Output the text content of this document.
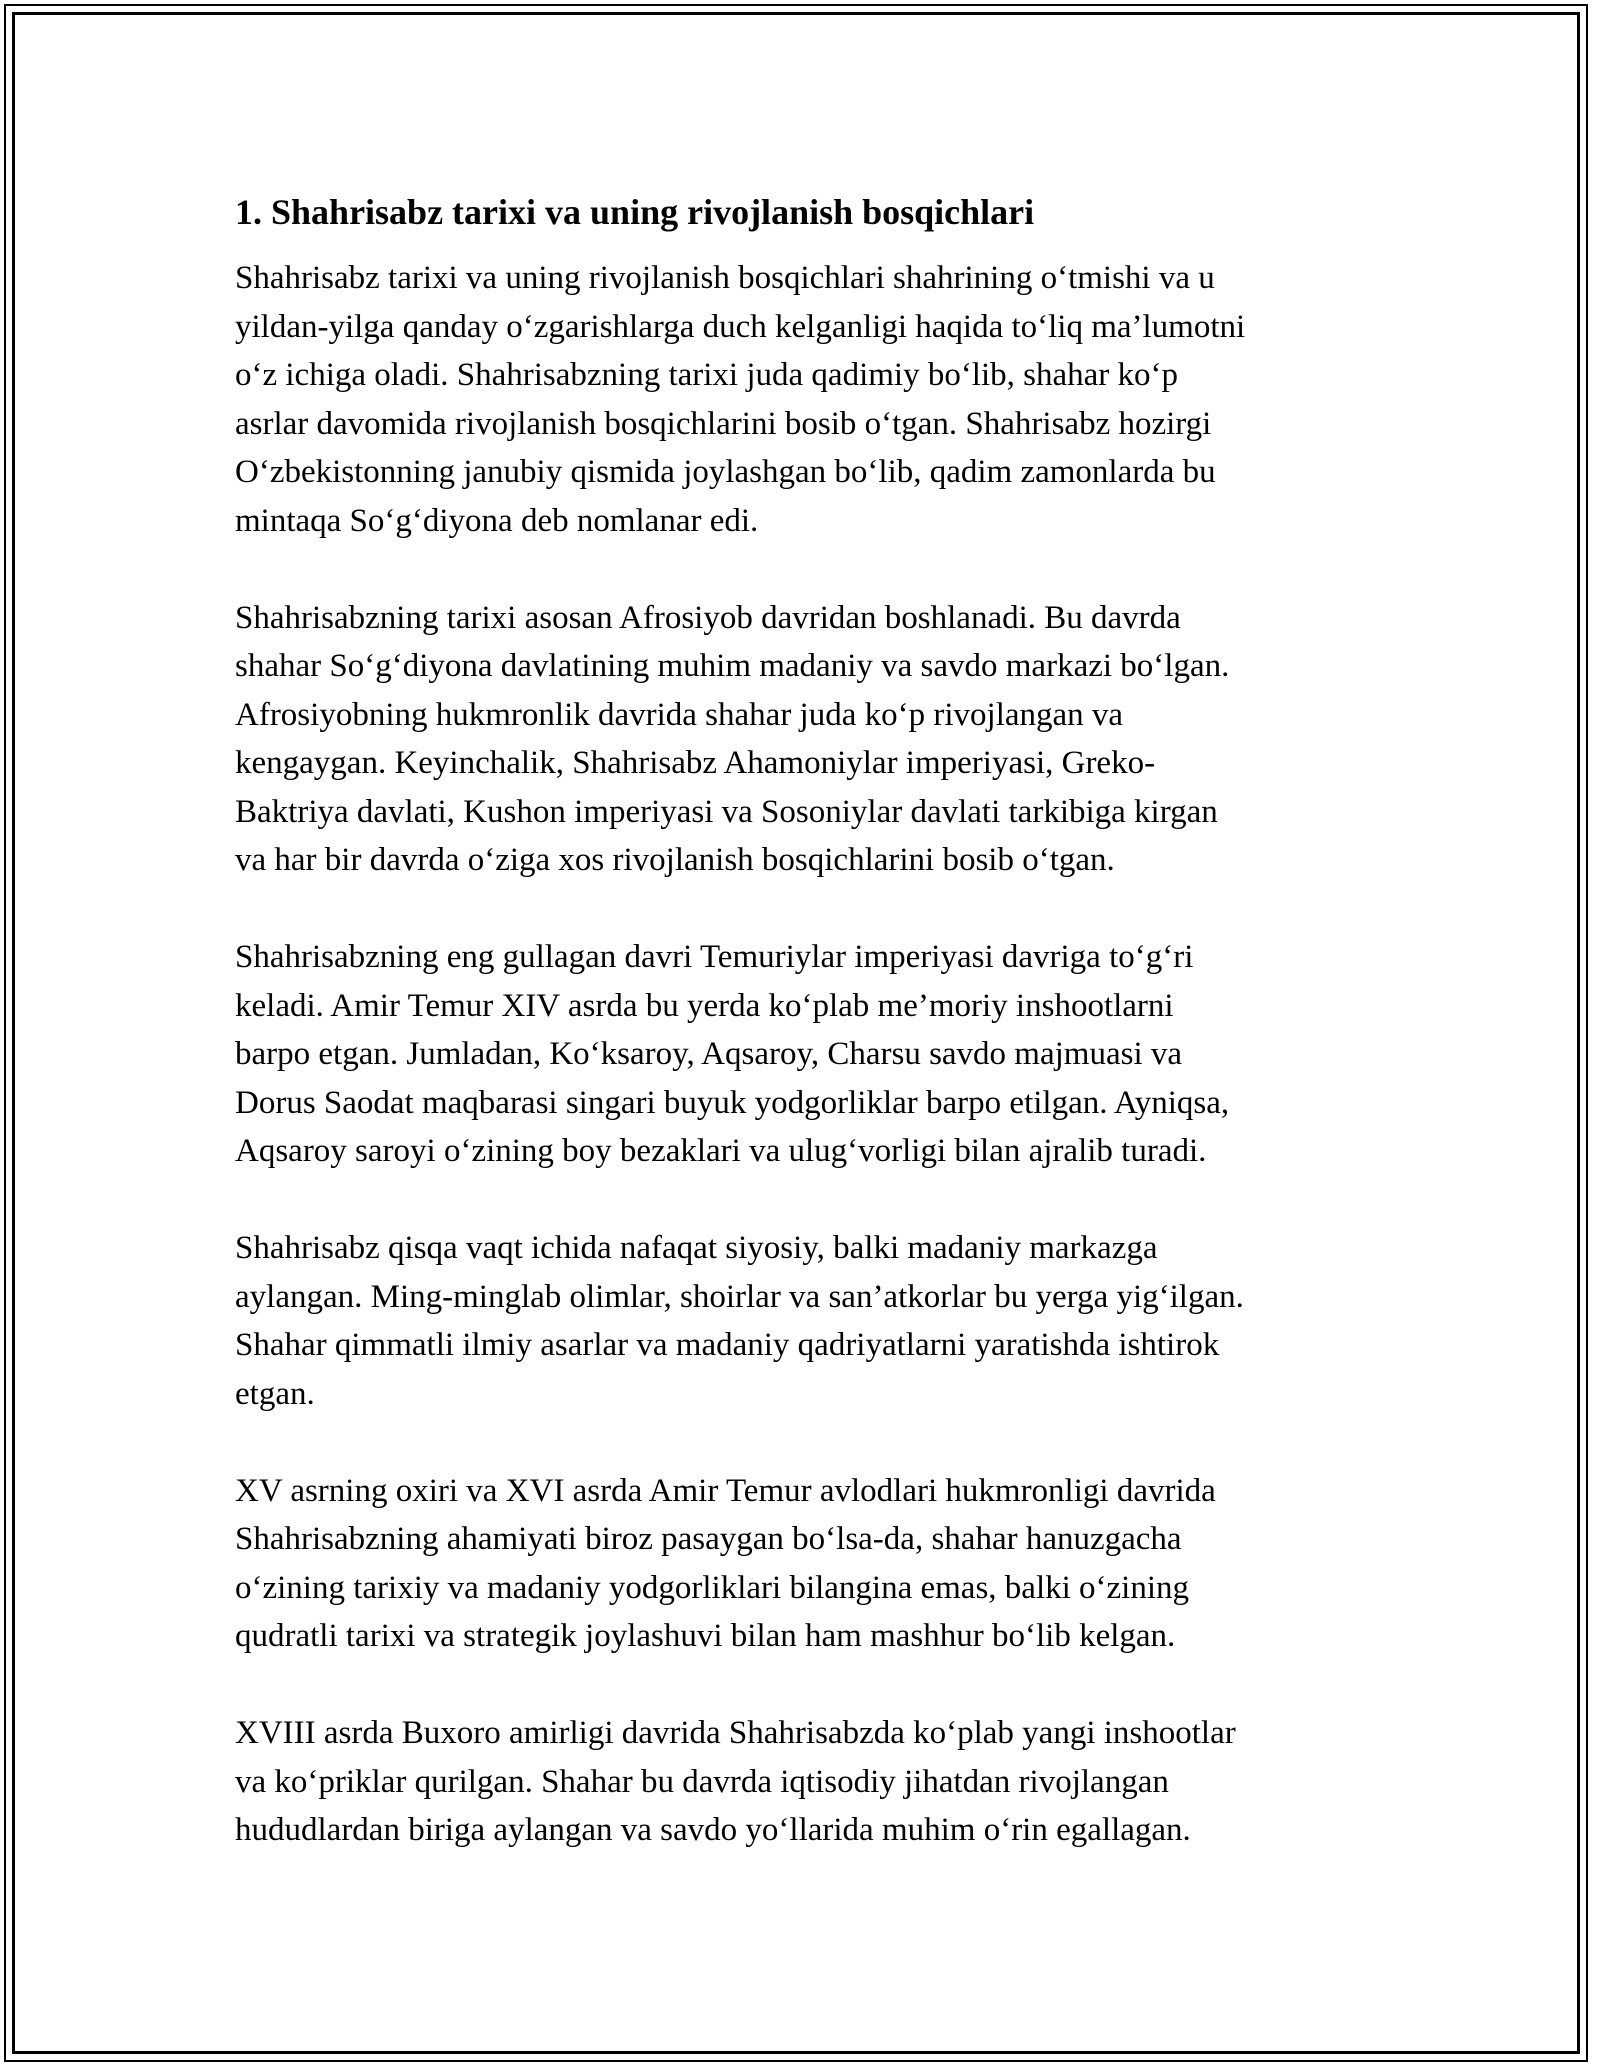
1. Shahrisabz tarixi va uning rivojlanish bosqichlari

Shahrisabz tarixi va uning rivojlanish bosqichlari shahrining o‘tmishi va u
yildan-yilga qanday o‘zgarishlarga duch kelganligi haqida to‘liq ma’lumotni
o‘z ichiga oladi. Shahrisabzning tarixi juda qadimiy bo‘lib, shahar ko‘p
asrlar davomida rivojlanish bosqichlarini bosib o‘tgan. Shahrisabz hozirgi
O‘zbekistonning janubiy qismida joylashgan bo‘lib, qadim zamonlarda bu
mintaqa So‘g‘diyona deb nomlanar edi.

Shahrisabzning tarixi asosan Afrosiyob davridan boshlanadi. Bu davrda
shahar So‘g‘diyona davlatining muhim madaniy va savdo markazi bo‘lgan.
Afrosiyobning hukmronlik davrida shahar juda ko‘p rivojlangan va
kengaygan. Keyinchalik, Shahrisabz Ahamoniylar imperiyasi, Greko-
Baktriya davlati, Kushon imperiyasi va Sosoniylar davlati tarkibiga kirgan
va har bir davrda o‘ziga xos rivojlanish bosqichlarini bosib o‘tgan.

Shahrisabzning eng gullagan davri Temuriylar imperiyasi davriga to‘g‘ri
keladi. Amir Temur XIV asrda bu yerda ko‘plab me’moriy inshootlarni
barpo etgan. Jumladan, Ko‘ksaroy, Aqsaroy, Charsu savdo majmuasi va
Dorus Saodat maqbarasi singari buyuk yodgorliklar barpo etilgan. Ayniqsa,
Aqsaroy saroyi o‘zining boy bezaklari va ulug‘vorligi bilan ajralib turadi.

Shahrisabz qisqa vaqt ichida nafaqat siyosiy, balki madaniy markazga
aylangan. Ming-minglab olimlar, shoirlar va san’atkorlar bu yerga yig‘ilgan.
Shahar qimmatli ilmiy asarlar va madaniy qadriyatlarni yaratishda ishtirok
etgan.

XV asrning oxiri va XVI asrda Amir Temur avlodlari hukmronligi davrida
Shahrisabzning ahamiyati biroz pasaygan bo‘lsa-da, shahar hanuzgacha
o‘zining tarixiy va madaniy yodgorliklari bilangina emas, balki o‘zining
qudratli tarixi va strategik joylashuvi bilan ham mashhur bo‘lib kelgan.

XVIII asrda Buxoro amirligi davrida Shahrisabzda ko‘plab yangi inshootlar
va ko‘priklar qurilgan. Shahar bu davrda iqtisodiy jihatdan rivojlangan
hududlardan biriga aylangan va savdo yo‘llarida muhim o‘rin egallagan.
